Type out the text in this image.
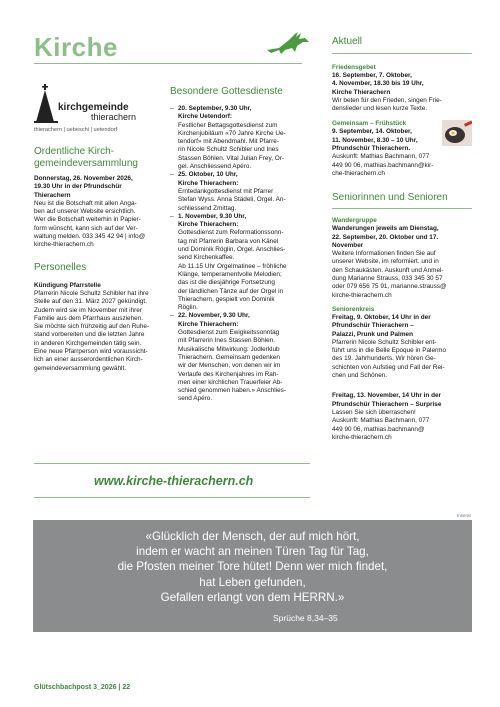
Kirche
kirchgemeinde
thierachern
thierachern | uebeschi | uetendorf
Ordentliche Kirch-
gemeindeversammlung
Donnerstag, 26. November 2026,
19.30 Uhr in der Pfrundschür
Thierachern
Neu ist die Botschaft mit allen Anga-
ben auf unserer Website ersichtlich.
Wer die Botschaft weiterhin in Papier-
form wünscht, kann sich auf der Ver-
waltung melden. 033 345 42 94 | info@
kirche-thierachern.ch
Personelles
Kündigung Pfarrstelle
Pfarrerin Nicole Schultz Schibler hat ihre
Stelle auf den 31. März 2027 gekündigt.
Zudem wird sie im November mit ihrer
Familie aus dem Pfarrhaus ausziehen.
Sie möchte sich frühzeitig auf den Ruhe-
stand vorbereiten und die letzten Jahre
in anderen Kirchgemeinden tätig sein.
Eine neue Pfarrperson wird voraussicht-
lich an einer ausserordentlichen Kirch-
gemeindeversammlung gewählt.
Besondere Gottesdienste
– 20. September, 9.30 Uhr,
Kirche Uetendorf:
Festlicher Bettagsgottesdienst zum
Kirchenjubiläum «70 Jahre Kirche Ue-
tendorf» mit Abendmahl. Mit Pfarre-
rin Nicole Schultz Schibler und Ines
Stassen Böhlen. Vital Julian Frey, Or-
gel. Anschliessend Apéro.
– 25. Oktober, 10 Uhr,
Kirche Thierachern:
Erntedankgottesdienst mit Pfarrer
Stefan Wyss. Anna Städeli, Orgel. An-
schliessend Zmittag.
– 1. November, 9.30 Uhr,
Kirche Thierachern:
Gottesdienst zum Reformationssonn-
tag mit Pfarrerin Barbara von Känel
und Dominik Röglin, Orgel. Anschlies-
send Kirchenkaffee.
Ab 11.15 Uhr Orgelmatinee – fröhliche
Klänge, temperamentvolle Melodien;
das ist die diesjährige Fortsetzung
der ländlichen Tänze auf der Orgel in
Thierachern, gespielt von Dominik
Röglin.
– 22. November, 9.30 Uhr,
Kirche Thierachern:
Gottesdienst zum Ewigkeitssonntag
mit Pfarrerin Ines Stassen Böhlen.
Musikalische Mitwirkung: Jodlerklub
Thierachern. Gemeinsam gedenken
wir der Menschen, von denen wir im
Verlaufe des Kirchenjahres im Rah-
men einer kirchlichen Trauerfeier Ab-
schied genommen haben.» Anschlies-
send Apéro.
www.kirche-thierachern.ch
Aktuell
Friedensgebet
16. September, 7. Oktober,
4. November, 18.30 bis 19 Uhr,
Kirche Thierachern
Wir beten für den Frieden, singen Frie-
denslieder und lesen kurze Texte.
Gemeinsam – Frühstück
9. September, 14. Oktober,
11. November, 8.30 – 10 Uhr,
Pfrundschür Thierachern.
Auskunft: Mathias Bachmann, 077
449 90 06, mathias.bachmann@kir-
che-thierachern.ch
Seniorinnen und Senioren
Wandergruppe
Wanderungen jeweils am Dienstag,
22. September, 20. Oktober und 17.
November
Weitere Informationen finden Sie auf
unserer Website, im reformiert. und in
den Schaukästen. Auskunft und Anmel-
dung Marianne Strauss, 033 345 30 57
oder 079 656 75 91, marianne.strauss@
kirche-thierachern.ch
Seniorenkreis
Freitag, 9. Oktober, 14 Uhr in der
Pfrundschür Thierachern –
Palazzi, Prunk und Palmen
Pfarrerin Nicole Schultz Schibler ent-
führt uns in die Belle Epoque in Palermo
des 19. Jahrhunderts. Wir hören Ge-
schichten von Aufstieg und Fall der Rei-
chen und Schönen.
Freitag, 13. November, 14 Uhr in der
Pfrundschür Thierachern – Surprise
Lassen Sie sich überraschen!
Auskunft: Mathias Bachmann, 077
449 90 06, mathias.bachmann@
kirche-thierachern.ch
Inserat
«Glücklich der Mensch, der auf mich hört,
indem er wacht an meinen Türen Tag für Tag,
die Pfosten meiner Tore hütet! Denn wer mich findet,
hat Leben gefunden,
Gefallen erlangt von dem HERRN.»
Sprüche 8,34–35
Glütschbachpost 3_2026 | 22
